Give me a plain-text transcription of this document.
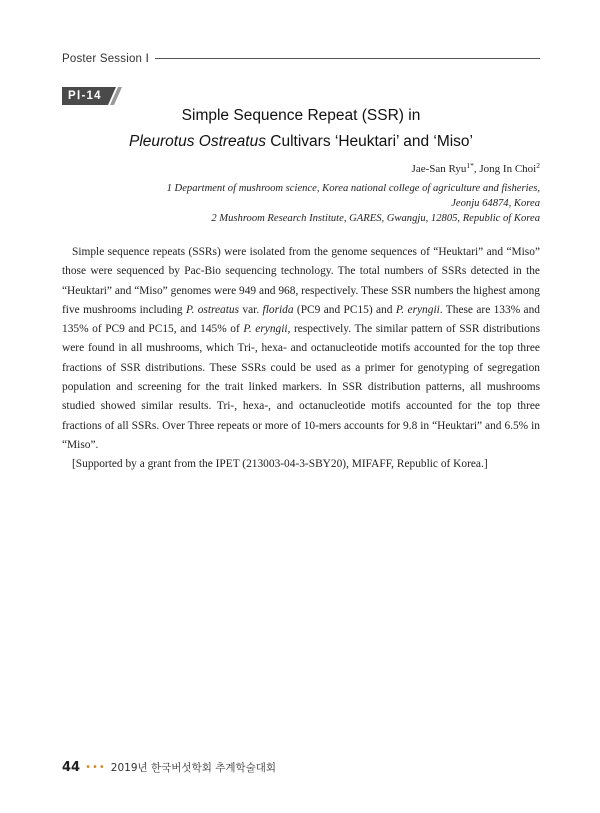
Poster Session Ⅰ
PⅠ-14
Simple Sequence Repeat (SSR) in
Pleurotus Ostreatus Cultivars ‘Heuktari’ and ‘Miso’
Jae-San Ryu$^{1*}$, Jong In Choi$^2$
1 Department of mushroom science, Korea national college of agriculture and fisheries,
Jeonju 64874, Korea
2 Mushroom Research Institute, GARES, Gwangju, 12805, Republic of Korea

Simple sequence repeats (SSRs) were isolated from the genome sequences of “Heuktari” and “Miso” those were sequenced by Pac-Bio sequencing technology. The total numbers of SSRs detected in the “Heuktari” and “Miso” genomes were 949 and 968, respectively. These SSR numbers the highest among five mushrooms including P. ostreatus var. florida (PC9 and PC15) and P. eryngii. These are 133% and 135% of PC9 and PC15, and 145% of P. eryngii, respectively. The similar pattern of SSR distributions were found in all mushrooms, which Tri-, hexa- and octanucleotide motifs accounted for the top three fractions of SSR distributions. These SSRs could be used as a primer for genotyping of segregation population and screening for the trait linked markers. In SSR distribution patterns, all mushrooms studied showed similar results. Tri-, hexa-, and octanucleotide motifs accounted for the top three fractions of all SSRs. Over Three repeats or more of 10-mers accounts for 9.8 in “Heuktari” and 6.5% in “Miso”.

[Supported by a grant from the IPET (213003-04-3-SBY20), MIFAFF, Republic of Korea.]

44 ••• 2019년 한국버섯학회 추계학술대회
